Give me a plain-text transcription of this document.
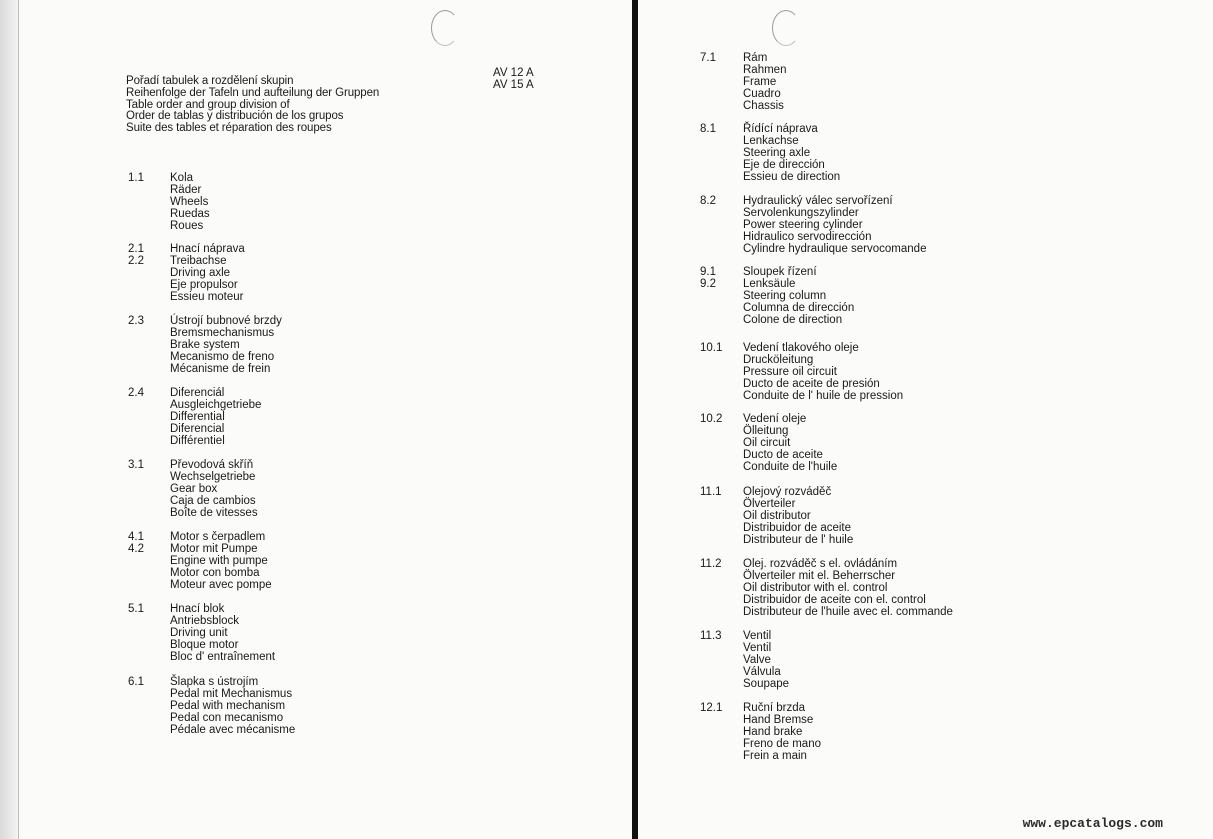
Pořadí tabulek a rozdělení skupin
Reihenfolge der Tafeln und aufteilung der Gruppen
Table order and group division of
Order de tablas y distribución de los grupos
Suite des tables et réparation des roupes
AV 12 A
AV 15 A
1.1 Kola
Räder
Wheels
Ruedas
Roues
2.1
2.2
Hnací náprava
Treibachse
Driving axle
Eje propulsor
Essieu moteur
2.3 Ústrojí bubnové brzdy
Bremsmechanismus
Brake system
Mecanismo de freno
Mécanisme de frein
2.4 Diferenciál
Ausgleichgetriebe
Differential
Diferencial
Différentiel
3.1 Převodová skříň
Wechselgetriebe
Gear box
Caja de cambios
Boîte de vitesses
4.1
4.2
Motor s čerpadlem
Motor mit Pumpe
Engine with pumpe
Motor con bomba
Moteur avec pompe
5.1 Hnací blok
Antriebsblock
Driving unit
Bloque motor
Bloc d' entraînement
6.1 Šlapka s ústrojím
Pedal mit Mechanismus
Pedal with mechanism
Pedal con mecanismo
Pédale avec mécanisme
7.1 Rám
Rahmen
Frame
Cuadro
Chassis
8.1 Řídící náprava
Lenkachse
Steering axle
Eje de dirección
Essieu de direction
8.2 Hydraulický válec servořízení
Servolenkungszylinder
Power steering cylinder
Hidraulico servodirección
Cylindre hydraulique servocomande
9.1
9.2
Sloupek řízení
Lenksäule
Steering column
Columna de dirección
Colone de direction
10.1 Vedení tlakového oleje
Drucköleitung
Pressure oil circuit
Ducto de aceite de presión
Conduite de l' huile de pression
10.2 Vedení oleje
Ölleitung
Oil circuit
Ducto de aceite
Conduite de l'huile
11.1 Olejový rozváděč
Ölverteiler
Oil distributor
Distribuidor de aceite
Distributeur de l' huile
11.2 Olej. rozváděč s el. ovládáním
Ölverteiler mit el. Beherrscher
Oil distributor with el. control
Distribuidor de aceite con el. control
Distributeur de l'huile avec el. commande
11.3 Ventil
Ventil
Valve
Válvula
Soupape
12.1 Ruční brzda
Hand Bremse
Hand brake
Freno de mano
Frein a main
www.epcatalogs.com
